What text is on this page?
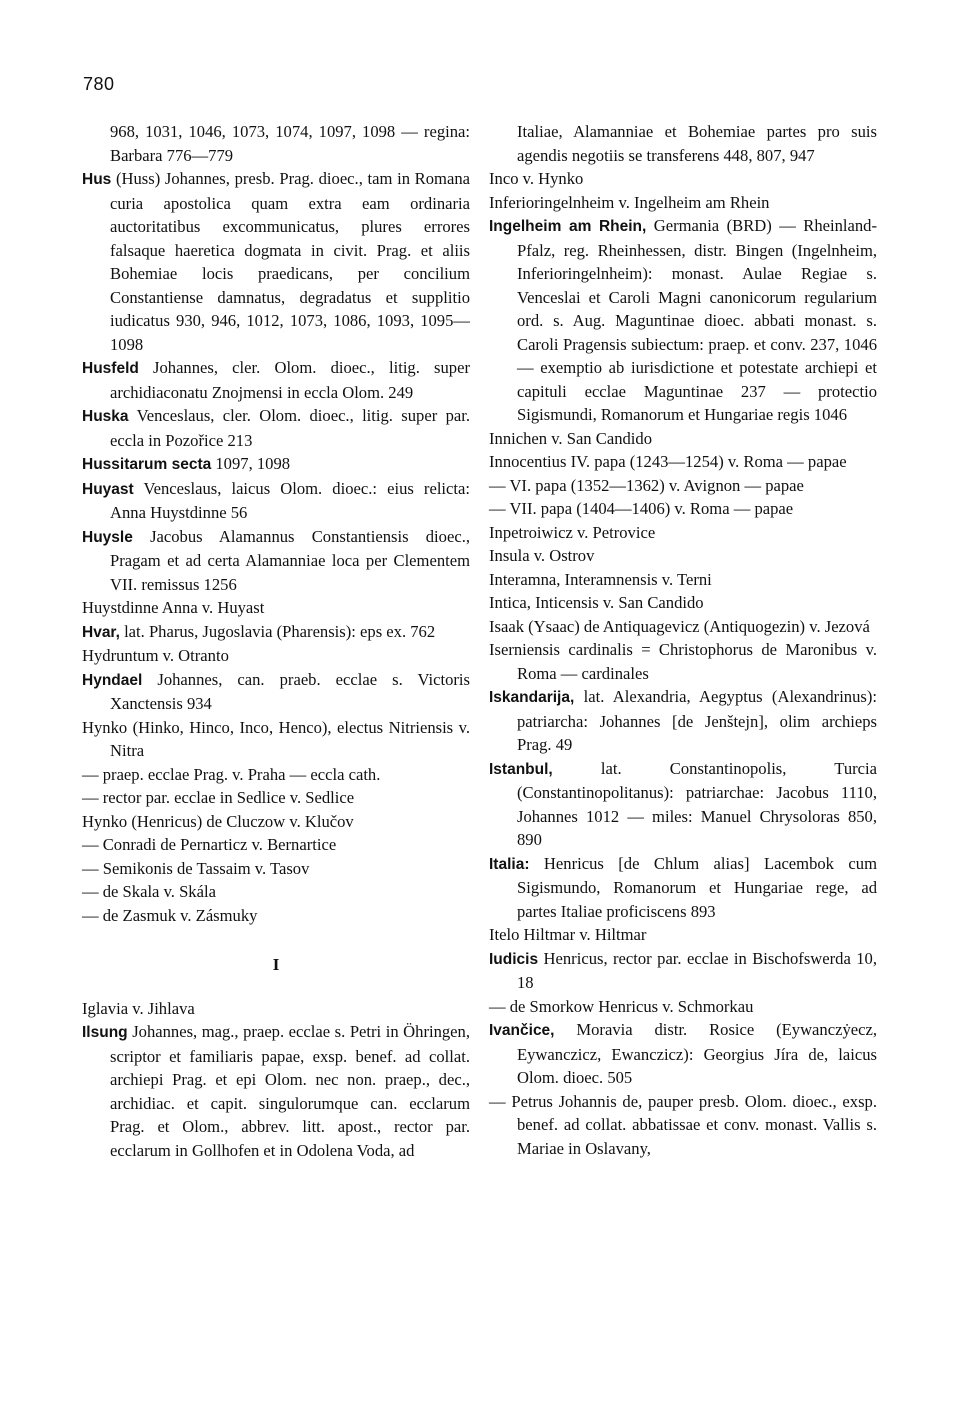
780

968, 1031, 1046, 1073, 1074, 1097, 1098 — regina: Barbara 776—779

Hus (Huss) Johannes, presb. Prag. dioec., tam in Romana curia apostolica quam extra eam ordinaria auctoritatibus excommunicatus, plures errores falsaque haeretica dogmata in civit. Prag. et aliis Bohemiae locis praedicans, per concilium Constantiense damnatus, degradatus et supplitio iudicatus 930, 946, 1012, 1073, 1086, 1093, 1095—1098

Husfeld Johannes, cler. Olom. dioec., litig. super archidiaconatu Znojmensi in eccla Olom. 249

Huska Venceslaus, cler. Olom. dioec., litig. super par. eccla in Pozořice 213

Hussitarum secta 1097, 1098

Huyast Venceslaus, laicus Olom. dioec.: eius relicta: Anna Huystdinne 56

Huysle Jacobus Alamannus Constantiensis dioec., Pragam et ad certa Alamanniae loca per Clementem VII. remissus 1256

Huystdinne Anna v. Huyast

Hvar, lat. Pharus, Jugoslavia (Pharensis): eps ex. 762

Hydruntum v. Otranto

Hyndael Johannes, can. praeb. ecclae s. Victoris Xanctensis 934

Hynko (Hinko, Hinco, Inco, Henco), electus Nitriensis v. Nitra

— praep. ecclae Prag. v. Praha — eccla cath.

— rector par. ecclae in Sedlice v. Sedlice

Hynko (Henricus) de Cluczow v. Klučov

— Conradi de Pernarticz v. Bernartice

— Semikonis de Tassaim v. Tasov

— de Skala v. Skála

— de Zasmuk v. Zásmuky

I

Iglavia v. Jihlava

Ilsung Johannes, mag., praep. ecclae s. Petri in Öhringen, scriptor et familiaris papae, exsp. benef. ad collat. archiepi Prag. et epi Olom. nec non. praep., dec., archidiac. et capit. singulorumque can. ecclarum Prag. et Olom., abbrev. litt. apost., rector par. ecclarum in Gollhofen et in Odolena Voda, ad

Italiae, Alamanniae et Bohemiae partes pro suis agendis negotiis se transferens 448, 807, 947

Inco v. Hynko

Inferioringelnheim v. Ingelheim am Rhein

Ingelheim am Rhein, Germania (BRD) — Rheinland-Pfalz, reg. Rheinhessen, distr. Bingen (Ingelnheim, Inferioringelnheim): monast. Aulae Regiae s. Venceslai et Caroli Magni canonicorum regularium ord. s. Aug. Maguntinae dioec. abbati monast. s. Caroli Pragensis subiectum: praep. et conv. 237, 1046 — exemptio ab iurisdictione et potestate archiepi et capituli ecclae Maguntinae 237 — protectio Sigismundi, Romanorum et Hungariae regis 1046

Innichen v. San Candido

Innocentius IV. papa (1243—1254) v. Roma — papae

— VI. papa (1352—1362) v. Avignon — papae

— VII. papa (1404—1406) v. Roma — papae

Inpetroiwicz v. Petrovice

Insula v. Ostrov

Interamna, Interamnensis v. Terni

Intica, Inticensis v. San Candido

Isaak (Ysaac) de Antiquagevicz (Antiquogezin) v. Jezová

Iserniensis cardinalis = Christophorus de Maronibus v. Roma — cardinales

Iskandarija, lat. Alexandria, Aegyptus (Alexandrinus): patriarcha: Johannes [de Jenštejn], olim archieps Prag. 49

Istanbul, lat. Constantinopolis, Turcia (Constantinopolitanus): patriarchae: Jacobus 1110, Johannes 1012 — miles: Manuel Chrysoloras 850, 890

Italia: Henricus [de Chlum alias] Lacembok cum Sigismundo, Romanorum et Hungariae rege, ad partes Italiae proficiscens 893

Itelo Hiltmar v. Hiltmar

Iudicis Henricus, rector par. ecclae in Bischofswerda 10, 18

— de Smorkow Henricus v. Schmorkau

Ivančice, Moravia distr. Rosice (Eywanczẏecz, Eywanczicz, Ewanczicz): Georgius Jíra de, laicus Olom. dioec. 505

— Petrus Johannis de, pauper presb. Olom. dioec., exsp. benef. ad collat. abbatissae et conv. monast. Vallis s. Mariae in Oslavany,
